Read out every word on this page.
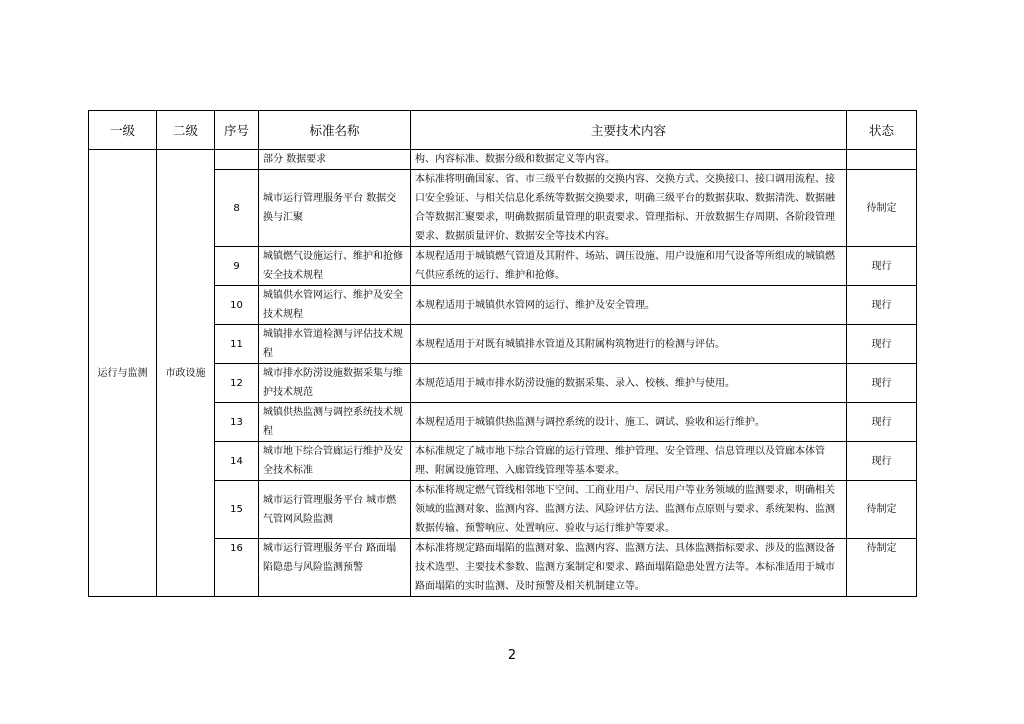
一级	二级	序号	标准名称	主要技术内容	状态
运行与监测	市政设施		部分 数据要求	构、内容标准、数据分级和数据定义等内容。	
		8	城市运行管理服务平台 数据交换与汇聚	本标准将明确国家、省、市三级平台数据的交换内容、交换方式、交换接口、接口调用流程、接口安全验证、与相关信息化系统等数据交换要求，明确三级平台的数据获取、数据清洗、数据融合等数据汇聚要求，明确数据质量管理的职责要求、管理指标、开放数据生存周期、各阶段管理要求、数据质量评价、数据安全等技术内容。	待制定
		9	城镇燃气设施运行、维护和抢修安全技术规程	本规程适用于城镇燃气管道及其附件、场站、调压设施、用户设施和用气设备等所组成的城镇燃气供应系统的运行、维护和抢修。	现行
		10	城镇供水管网运行、维护及安全技术规程	本规程适用于城镇供水管网的运行、维护及安全管理。	现行
		11	城镇排水管道检测与评估技术规程	本规程适用于对既有城镇排水管道及其附属构筑物进行的检测与评估。	现行
		12	城市排水防涝设施数据采集与维护技术规范	本规范适用于城市排水防涝设施的数据采集、录入、校核、维护与使用。	现行
		13	城镇供热监测与调控系统技术规程	本规程适用于城镇供热监测与调控系统的设计、施工、调试、验收和运行维护。	现行
		14	城市地下综合管廊运行维护及安全技术标准	本标准规定了城市地下综合管廊的运行管理、维护管理、安全管理、信息管理以及管廊本体管理、附属设施管理、入廊管线管理等基本要求。	现行
		15	城市运行管理服务平台 城市燃气管网风险监测	本标准将规定燃气管线相邻地下空间、工商业用户、居民用户等业务领域的监测要求，明确相关领域的监测对象、监测内容、监测方法、风险评估方法、监测布点原则与要求、系统架构、监测数据传输、预警响应、处置响应、验收与运行维护等要求。	待制定
		16	城市运行管理服务平台 路面塌陷隐患与风险监测预警	本标准将规定路面塌陷的监测对象、监测内容、监测方法、具体监测指标要求、涉及的监测设备技术选型、主要技术参数、监测方案制定和要求、路面塌陷隐患处置方法等。本标准适用于城市路面塌陷的实时监测、及时预警及相关机制建立等。	待制定
2
